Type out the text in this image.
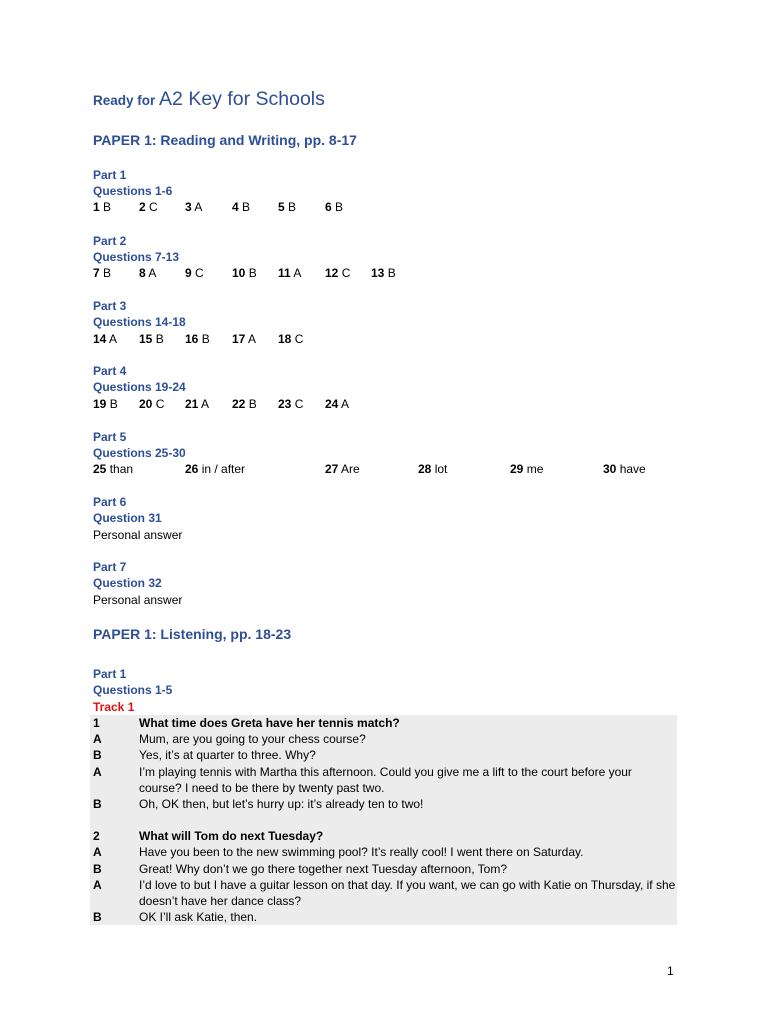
Ready for A2 Key for Schools
PAPER 1: Reading and Writing, pp. 8-17
Part 1
Questions 1-6
1 B 2 C 3 A 4 B 5 B 6 B
Part 2
Questions 7-13
7 B 8 A 9 C 10 B 11 A 12 C 13 B
Part 3
Questions 14-18
14 A 15 B 16 B 17 A 18 C
Part 4
Questions 19-24
19 B 20 C 21 A 22 B 23 C 24 A
Part 5
Questions 25-30
25 than	26 in / after	27 Are	28 lot	29 me	30 have
Part 6
Question 31
Personal answer
Part 7
Question 32
Personal answer
PAPER 1: Listening, pp. 18-23
Part 1
Questions 1-5
Track 1
1	What time does Greta have her tennis match?
A	Mum, are you going to your chess course?
B	Yes, it’s at quarter to three. Why?
A	I’m playing tennis with Martha this afternoon. Could you give me a lift to the court before your course? I need to be there by twenty past two.
B	Oh, OK then, but let’s hurry up: it’s already ten to two!
2	What will Tom do next Tuesday?
A	Have you been to the new swimming pool? It’s really cool! I went there on Saturday.
B	Great! Why don’t we go there together next Tuesday afternoon, Tom?
A	I’d love to but I have a guitar lesson on that day. If you want, we can go with Katie on Thursday, if she doesn’t have her dance class?
B	OK I’ll ask Katie, then.
1
